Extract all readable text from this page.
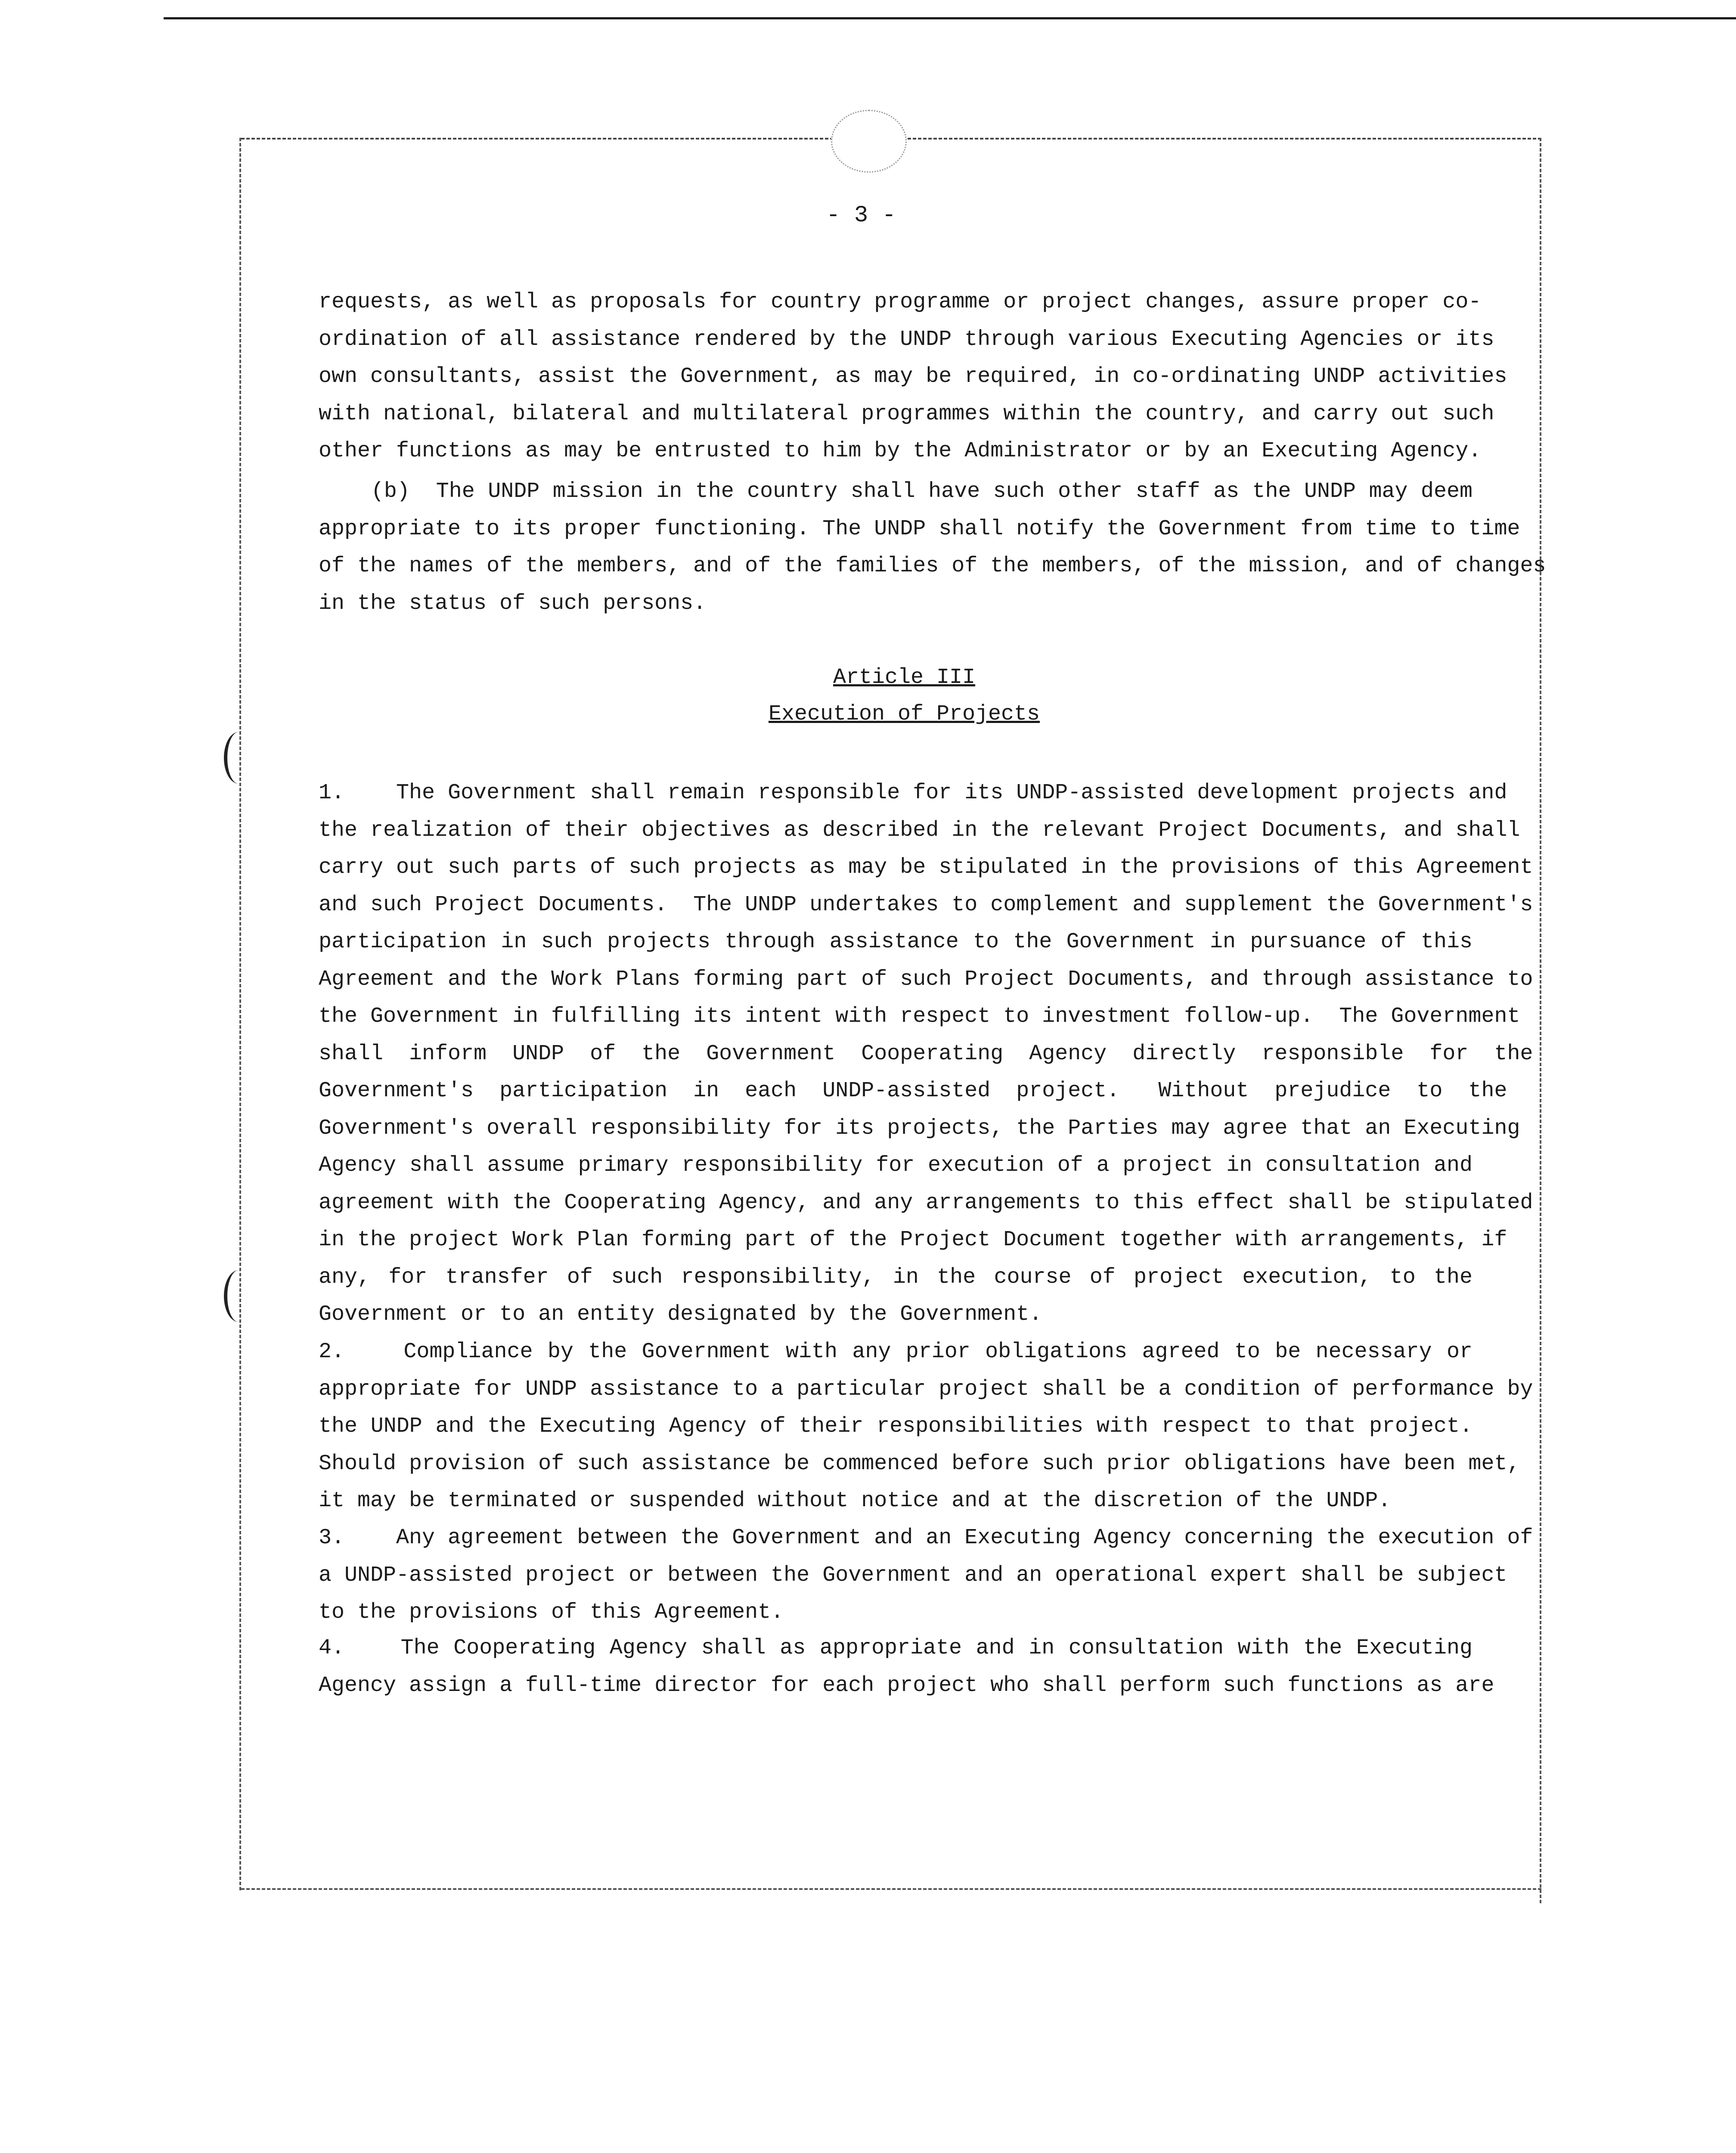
- 3 -
requests, as well as proposals for country programme or project changes, assure proper co-
ordination of all assistance rendered by the UNDP through various Executing Agencies or its
own consultants, assist the Government, as may be required, in co-ordinating UNDP activities
with national, bilateral and multilateral programmes within the country, and carry out such
other functions as may be entrusted to him by the Administrator or by an Executing Agency.
(b)  The UNDP mission in the country shall have such other staff as the UNDP may deem
appropriate to its proper functioning. The UNDP shall notify the Government from time to time
of the names of the members, and of the families of the members, of the mission, and of changes
in the status of such persons.
1.    The Government shall remain responsible for its UNDP-assisted development projects and
the realization of their objectives as described in the relevant Project Documents, and shall
carry out such parts of such projects as may be stipulated in the provisions of this Agreement
and such Project Documents.  The UNDP undertakes to complement and supplement the Government's
participation in such projects through assistance to the Government in pursuance of this
Agreement and the Work Plans forming part of such Project Documents, and through assistance to
the Government in fulfilling its intent with respect to investment follow-up.  The Government
shall  inform  UNDP  of  the  Government  Cooperating  Agency  directly  responsible  for  the
Government's  participation  in  each  UNDP-assisted  project.   Without  prejudice  to  the
Government's overall responsibility for its projects, the Parties may agree that an Executing
Agency shall assume primary responsibility for execution of a project in consultation and
agreement with the Cooperating Agency, and any arrangements to this effect shall be stipulated
in the project Work Plan forming part of the Project Document together with arrangements, if
any, for transfer of such responsibility, in the course of project execution, to the
Government or to an entity designated by the Government.
2.    Compliance by the Government with any prior obligations agreed to be necessary or
appropriate for UNDP assistance to a particular project shall be a condition of performance by
the UNDP and the Executing Agency of their responsibilities with respect to that project.
Should provision of such assistance be commenced before such prior obligations have been met,
it may be terminated or suspended without notice and at the discretion of the UNDP.
3.    Any agreement between the Government and an Executing Agency concerning the execution of
a UNDP-assisted project or between the Government and an operational expert shall be subject
to the provisions of this Agreement.
4.    The Cooperating Agency shall as appropriate and in consultation with the Executing
Agency assign a full-time director for each project who shall perform such functions as are
Article III
Execution of Projects
